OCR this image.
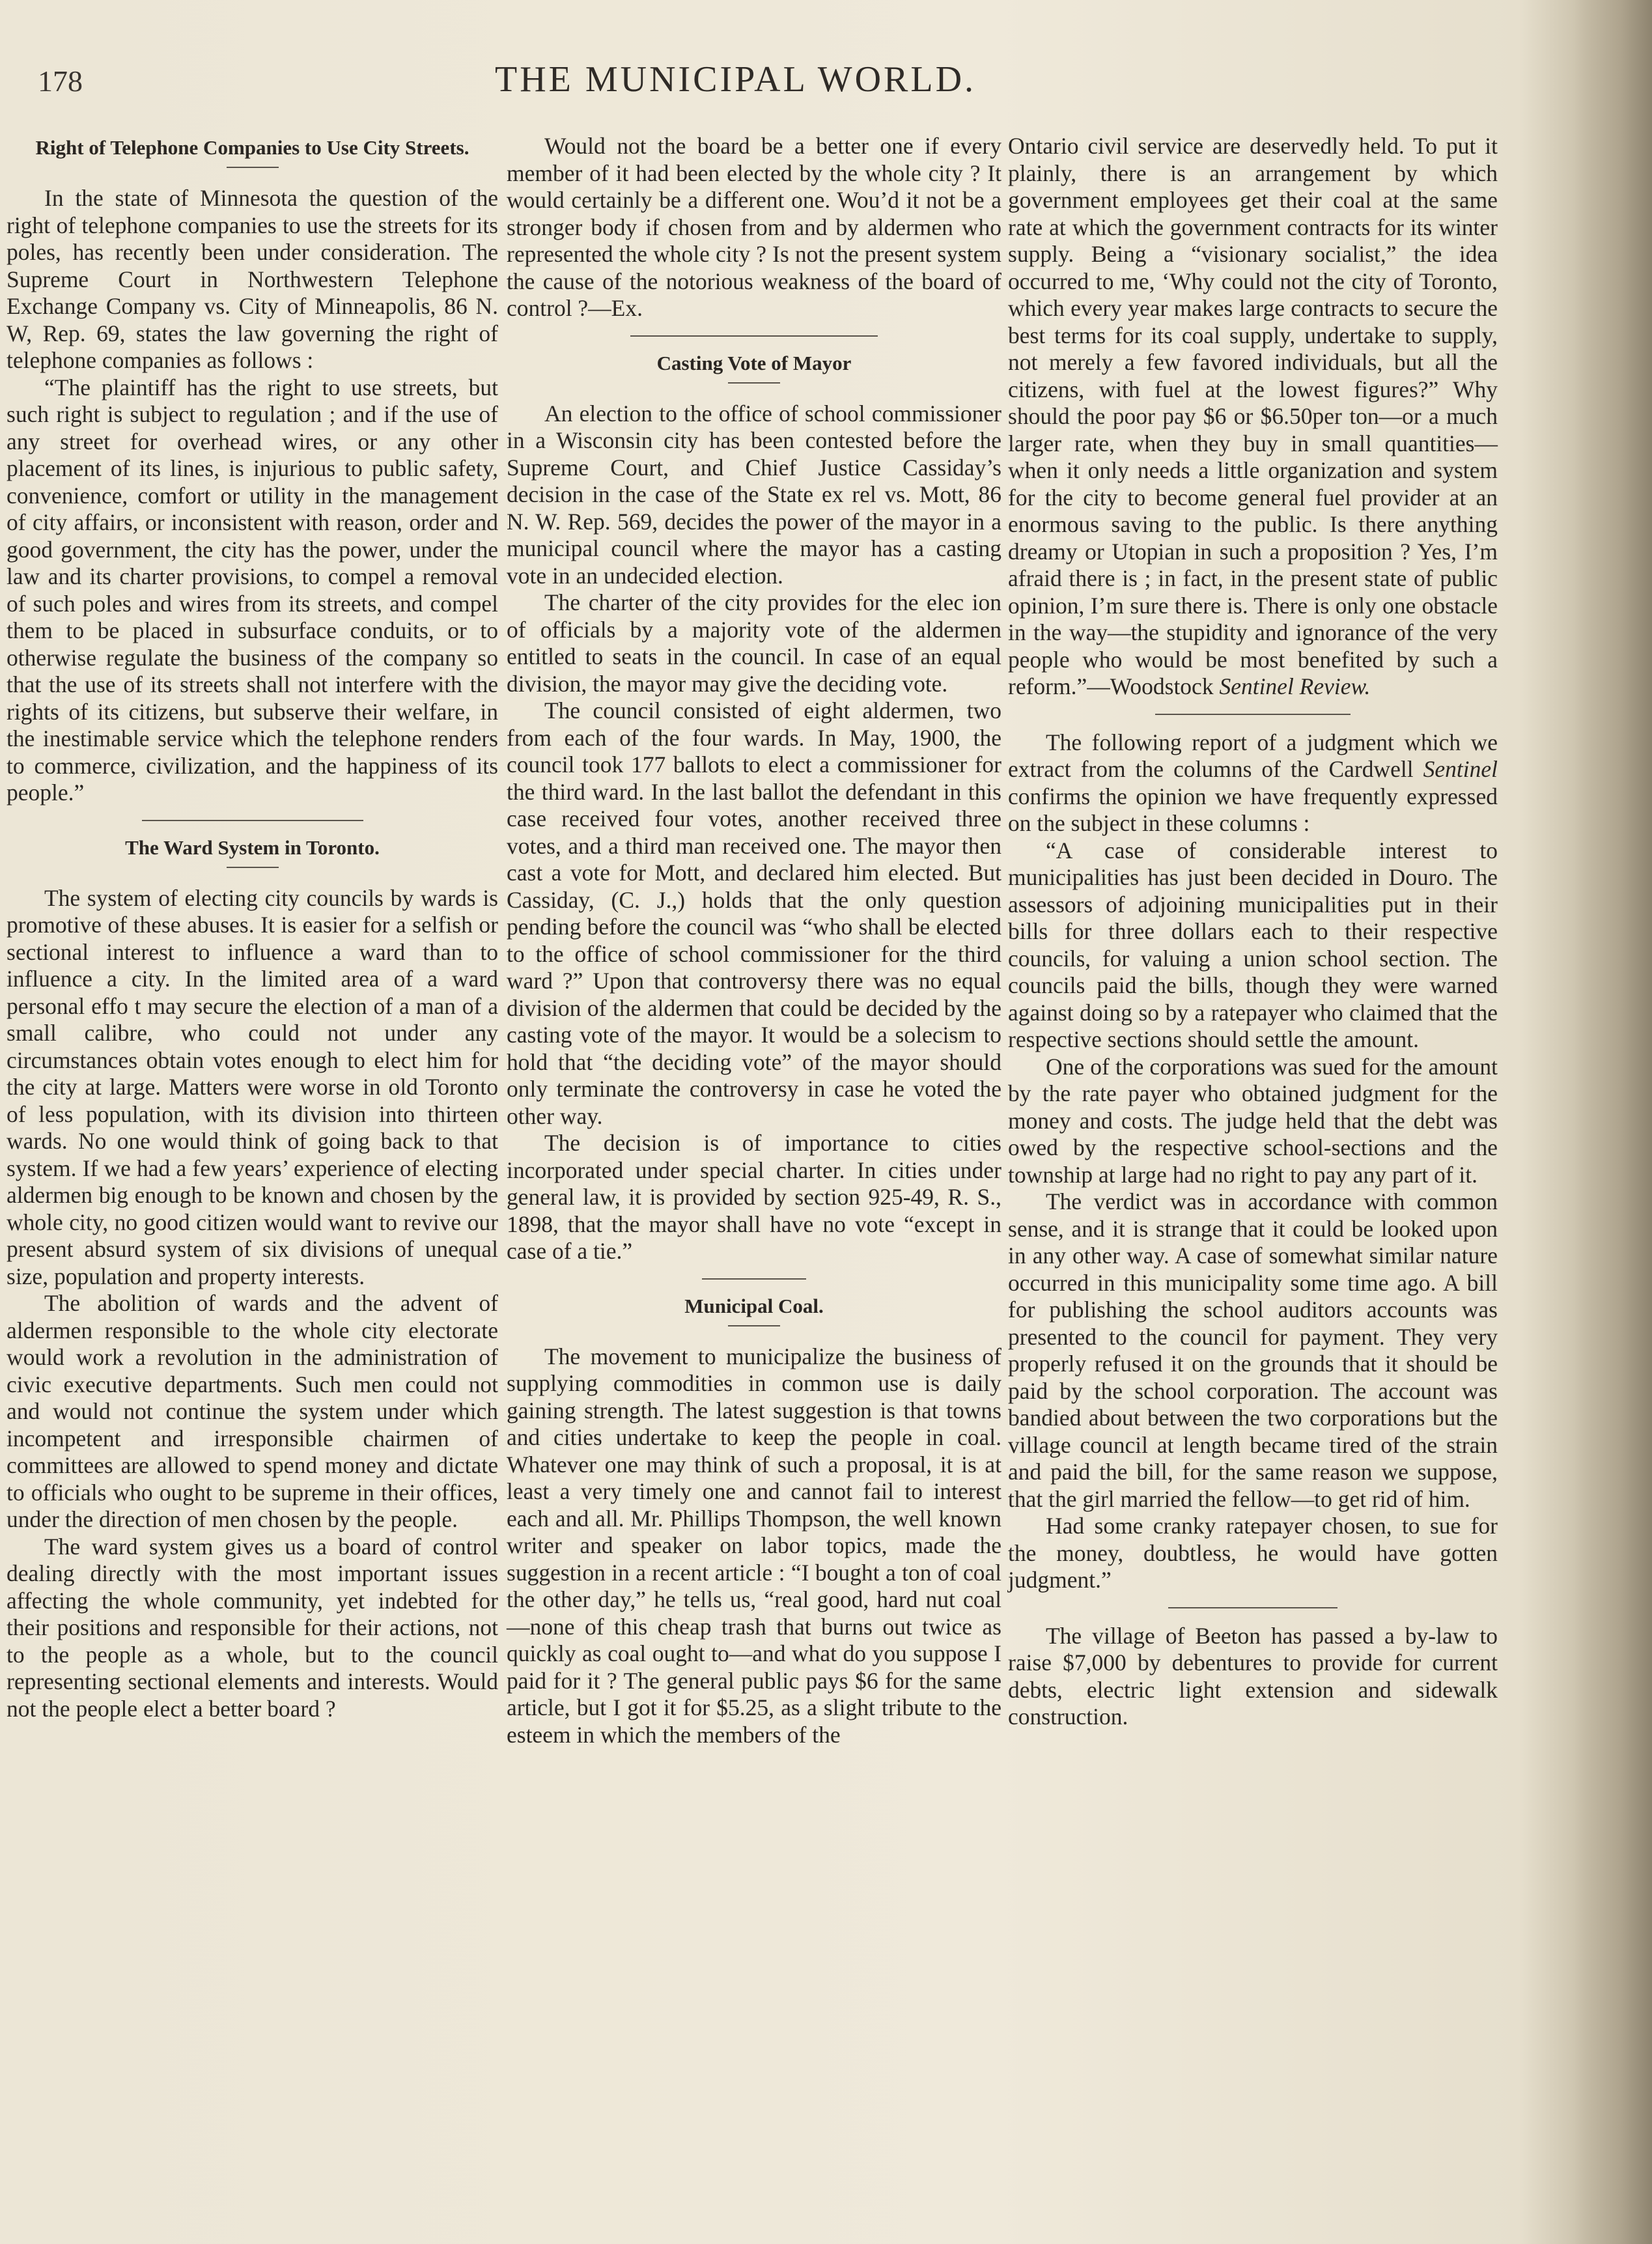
178	THE MUNICIPAL WORLD.
Right of Telephone Companies to Use City Streets.

In the state of Minnesota the question of the right of telephone companies to use the streets for its poles, has recently been under consideration. The Supreme Court in Northwestern Telephone Exchange Company vs. City of Minneapolis, 86 N. W, Rep. 69, states the law governing the right of telephone companies as follows :

“The plaintiff has the right to use streets, but such right is subject to regulation ; and if the use of any street for overhead wires, or any other placement of its lines, is injurious to public safety, convenience, comfort or utility in the management of city affairs, or inconsistent with reason, order and good government, the city has the power, under the law and its charter provisions, to compel a removal of such poles and wires from its streets, and compel them to be placed in subsurface conduits, or to otherwise regulate the business of the company so that the use of its streets shall not interfere with the rights of its citizens, but subserve their welfare, in the inestimable service which the telephone renders to commerce, civilization, and the happiness of its people.”

The Ward System in Toronto.

The system of electing city councils by wards is promotive of these abuses. It is easier for a selfish or sectional interest to influence a ward than to influence a city. In the limited area of a ward personal effo t may secure the election of a man of a small calibre, who could not under any circumstances obtain votes enough to elect him for the city at large. Matters were worse in old Toronto of less population, with its division into thirteen wards. No one would think of going back to that system. If we had a few years’ experience of electing aldermen big enough to be known and chosen by the whole city, no good citizen would want to revive our present absurd system of six divisions of unequal size, population and property interests.

The abolition of wards and the advent of aldermen responsible to the whole city electorate would work a revolution in the administration of civic executive departments. Such men could not and would not continue the system under which incompetent and irresponsible chairmen of committees are allowed to spend money and dictate to officials who ought to be supreme in their offices, under the direction of men chosen by the people.

The ward system gives us a board of control dealing directly with the most important issues affecting the whole community, yet indebted for their positions and responsible for their actions, not to the people as a whole, but to the council representing sectional elements and interests. Would not the people elect a better board ?

Would not the board be a better one if every member of it had been elected by the whole city ? It would certainly be a different one. Wou’d it not be a stronger body if chosen from and by aldermen who represented the whole city ? Is not the present system the cause of the notorious weakness of the board of control ?—Ex.

Casting Vote of Mayor

An election to the office of school commissioner in a Wisconsin city has been contested before the Supreme Court, and Chief Justice Cassiday’s decision in the case of the State ex rel vs. Mott, 86 N. W. Rep. 569, decides the power of the mayor in a municipal council where the mayor has a casting vote in an undecided election.

The charter of the city provides for the elec ion of officials by a majority vote of the aldermen entitled to seats in the council. In case of an equal division, the mayor may give the deciding vote.

The council consisted of eight aldermen, two from each of the four wards. In May, 1900, the council took 177 ballots to elect a commissioner for the third ward. In the last ballot the defendant in this case received four votes, another received three votes, and a third man received one. The mayor then cast a vote for Mott, and declared him elected. But Cassiday, (C. J.,) holds that the only question pending before the council was “who shall be elected to the office of school commissioner for the third ward ?” Upon that controversy there was no equal division of the aldermen that could be decided by the casting vote of the mayor. It would be a solecism to hold that “the deciding vote” of the mayor should only terminate the controversy in case he voted the other way.

The decision is of importance to cities incorporated under special charter. In cities under general law, it is provided by section 925-49, R. S., 1898, that the mayor shall have no vote “except in case of a tie.”

Municipal Coal.

The movement to municipalize the business of supplying commodities in common use is daily gaining strength. The latest suggestion is that towns and cities undertake to keep the people in coal. Whatever one may think of such a proposal, it is at least a very timely one and cannot fail to interest each and all. Mr. Phillips Thompson, the well known writer and speaker on labor topics, made the suggestion in a recent article : “I bought a ton of coal the other day,” he tells us, “real good, hard nut coal—none of this cheap trash that burns out twice as quickly as coal ought to—and what do you suppose I paid for it ? The general public pays $6 for the same article, but I got it for $5.25, as a slight tribute to the esteem in which the members of the

Ontario civil service are deservedly held. To put it plainly, there is an arrangement by which government employees get their coal at the same rate at which the government contracts for its winter supply. Being a “visionary socialist,” the idea occurred to me, ‘Why could not the city of Toronto, which every year makes large contracts to secure the best terms for its coal supply, undertake to supply, not merely a few favored individuals, but all the citizens, with fuel at the lowest figures?” Why should the poor pay $6 or $6.50per ton—or a much larger rate, when they buy in small quantities—when it only needs a little organization and system for the city to become general fuel provider at an enormous saving to the public. Is there anything dreamy or Utopian in such a proposition ? Yes, I’m afraid there is ; in fact, in the present state of public opinion, I’m sure there is. There is only one obstacle in the way—the stupidity and ignorance of the very people who would be most benefited by such a reform.”—Woodstock Sentinel Review.

The following report of a judgment which we extract from the columns of the Cardwell Sentinel confirms the opinion we have frequently expressed on the subject in these columns :

“A case of considerable interest to municipalities has just been decided in Douro. The assessors of adjoining municipalities put in their bills for three dollars each to their respective councils, for valuing a union school section. The councils paid the bills, though they were warned against doing so by a ratepayer who claimed that the respective sections should settle the amount.

One of the corporations was sued for the amount by the rate payer who obtained judgment for the money and costs. The judge held that the debt was owed by the respective school-sections and the township at large had no right to pay any part of it.

The verdict was in accordance with common sense, and it is strange that it could be looked upon in any other way. A case of somewhat similar nature occurred in this municipality some time ago. A bill for publishing the school auditors accounts was presented to the council for payment. They very properly refused it on the grounds that it should be paid by the school corporation. The account was bandied about between the two corporations but the village council at length became tired of the strain and paid the bill, for the same reason we suppose, that the girl married the fellow—to get rid of him.

Had some cranky ratepayer chosen, to sue for the money, doubtless, he would have gotten judgment.”

The village of Beeton has passed a by-law to raise $7,000 by debentures to provide for current debts, electric light extension and sidewalk construction.
